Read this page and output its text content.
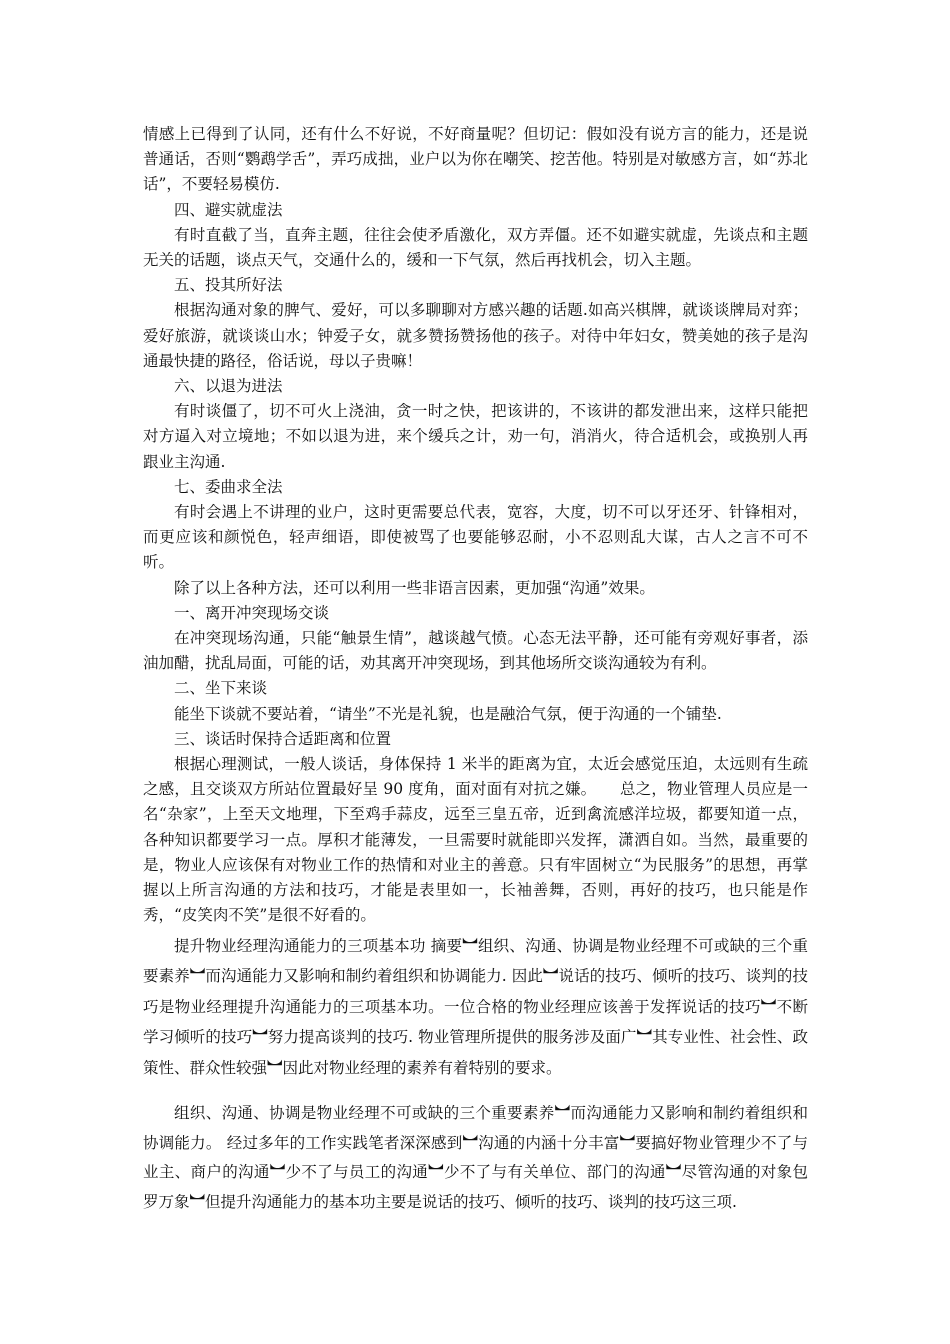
情感上已得到了认同，还有什么不好说，不好商量呢？但切记：假如没有说方言的能力，还是说普通话，否则“鹦鹉学舌”，弄巧成拙，业户以为你在嘲笑、挖苦他。特别是对敏感方言，如“苏北话”，不要轻易模仿.

四、避实就虚法

有时直截了当，直奔主题，往往会使矛盾激化，双方弄僵。还不如避实就虚，先谈点和主题无关的话题，谈点天气，交通什么的，缓和一下气氛，然后再找机会，切入主题。

五、投其所好法

根据沟通对象的脾气、爱好，可以多聊聊对方感兴趣的话题.如高兴棋牌，就谈谈牌局对弈；爱好旅游，就谈谈山水；钟爱子女，就多赞扬赞扬他的孩子。对待中年妇女，赞美她的孩子是沟通最快捷的路径，俗话说，母以子贵嘛！

六、以退为进法

有时谈僵了，切不可火上浇油，贪一时之快，把该讲的，不该讲的都发泄出来，这样只能把对方逼入对立境地；不如以退为进，来个缓兵之计，劝一句，消消火，待合适机会，或换别人再跟业主沟通.

七、委曲求全法

有时会遇上不讲理的业户，这时更需要总代表，宽容，大度，切不可以牙还牙、针锋相对，而更应该和颜悦色，轻声细语，即使被骂了也要能够忍耐，小不忍则乱大谋，古人之言不可不听。

除了以上各种方法，还可以利用一些非语言因素，更加强“沟通”效果。

一、离开冲突现场交谈

在冲突现场沟通，只能“触景生情”，越谈越气愤。心态无法平静，还可能有旁观好事者，添油加醋，扰乱局面，可能的话，劝其离开冲突现场，到其他场所交谈沟通较为有利。

二、坐下来谈

能坐下谈就不要站着，“请坐”不光是礼貌，也是融洽气氛，便于沟通的一个铺垫.

三、谈话时保持合适距离和位置

根据心理测试，一般人谈话，身体保持 1 米半的距离为宜，太近会感觉压迫，太远则有生疏之感，且交谈双方所站位置最好呈 90 度角，面对面有对抗之嫌。　　总之，物业管理人员应是一名“杂家”，上至天文地理，下至鸡手蒜皮，远至三皇五帝，近到禽流感洋垃圾，都要知道一点，各种知识都要学习一点。厚积才能薄发，一旦需要时就能即兴发挥，潇洒自如。当然，最重要的是，物业人应该保有对物业工作的热情和对业主的善意。只有牢固树立“为民服务”的思想，再掌握以上所言沟通的方法和技巧，才能是表里如一，长袖善舞，否则，再好的技巧，也只能是作秀，“皮笑肉不笑”是很不好看的。

提升物业经理沟通能力的三项基本功 摘要︼组织、沟通、协调是物业经理不可或缺的三个重要素养︼而沟通能力又影响和制约着组织和协调能力. 因此︼说话的技巧、倾听的技巧、谈判的技巧是物业经理提升沟通能力的三项基本功。一位合格的物业经理应该善于发挥说话的技巧︼不断学习倾听的技巧︼努力提高谈判的技巧. 物业管理所提供的服务涉及面广︼其专业性、社会性、政策性、群众性较强︼因此对物业经理的素养有着特别的要求。

组织、沟通、协调是物业经理不可或缺的三个重要素养︼而沟通能力又影响和制约着组织和协调能力。 经过多年的工作实践笔者深深感到︼沟通的内涵十分丰富︼要搞好物业管理少不了与业主、商户的沟通︼少不了与员工的沟通︼少不了与有关单位、部门的沟通︼尽管沟通的对象包罗万象︼但提升沟通能力的基本功主要是说话的技巧、倾听的技巧、谈判的技巧这三项.
